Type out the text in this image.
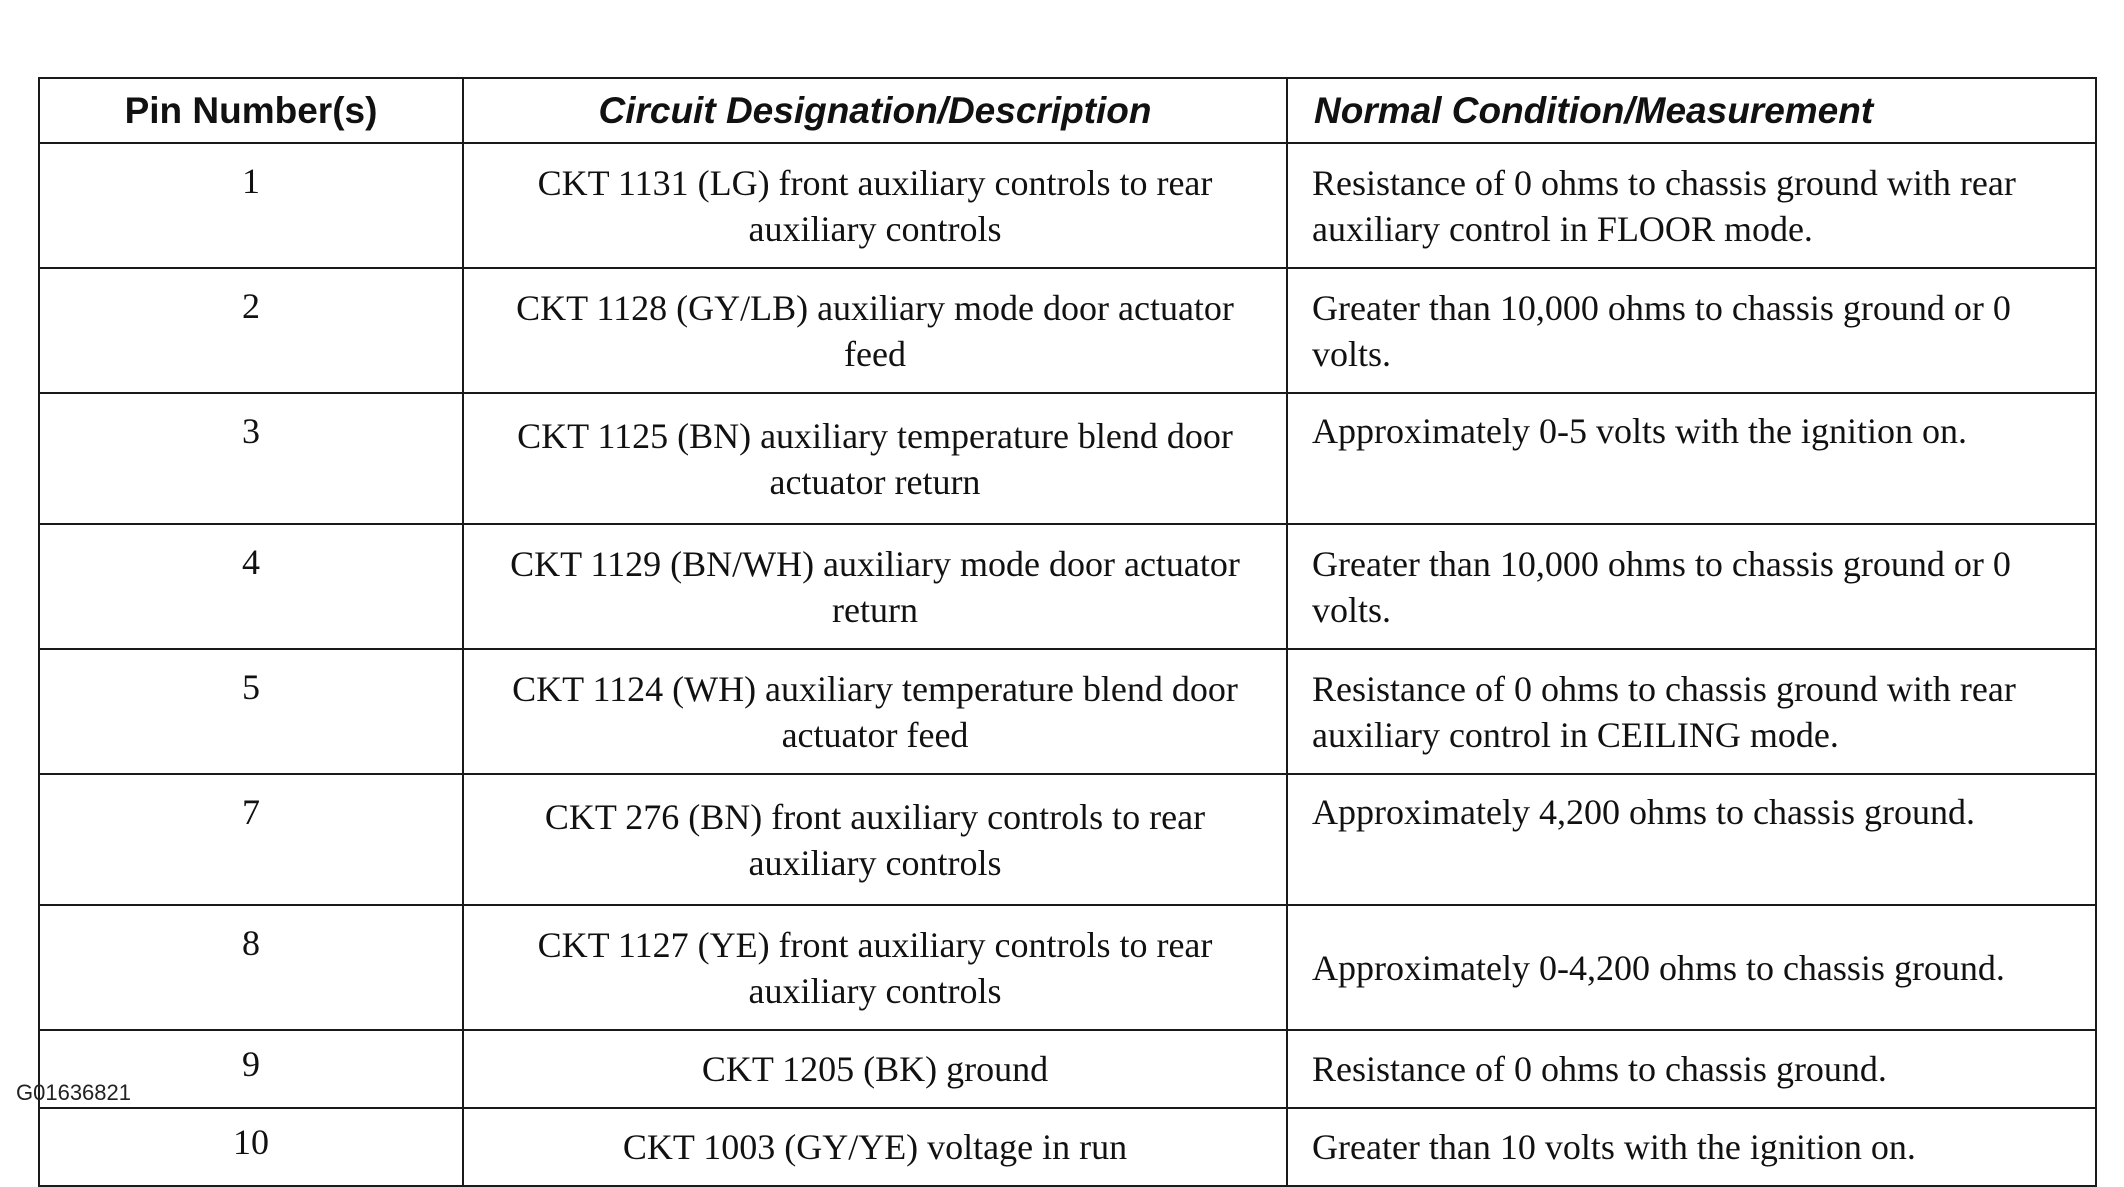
Pin Number(s)	Circuit Designation/Description	Normal Condition/Measurement
1	CKT 1131 (LG) front auxiliary controls to rear auxiliary controls	Resistance of 0 ohms to chassis ground with rear auxiliary control in FLOOR mode.
2	CKT 1128 (GY/LB) auxiliary mode door actuator feed	Greater than 10,000 ohms to chassis ground or 0 volts.
3	CKT 1125 (BN) auxiliary temperature blend door actuator return	Approximately 0-5 volts with the ignition on.
4	CKT 1129 (BN/WH) auxiliary mode door actuator return	Greater than 10,000 ohms to chassis ground or 0 volts.
5	CKT 1124 (WH) auxiliary temperature blend door actuator feed	Resistance of 0 ohms to chassis ground with rear auxiliary control in CEILING mode.
7	CKT 276 (BN) front auxiliary controls to rear auxiliary controls	Approximately 4,200 ohms to chassis ground.
8	CKT 1127 (YE) front auxiliary controls to rear auxiliary controls	Approximately 0-4,200 ohms to chassis ground.
9	CKT 1205 (BK) ground	Resistance of 0 ohms to chassis ground.
10	CKT 1003 (GY/YE) voltage in run	Greater than 10 volts with the ignition on.
G01636821
